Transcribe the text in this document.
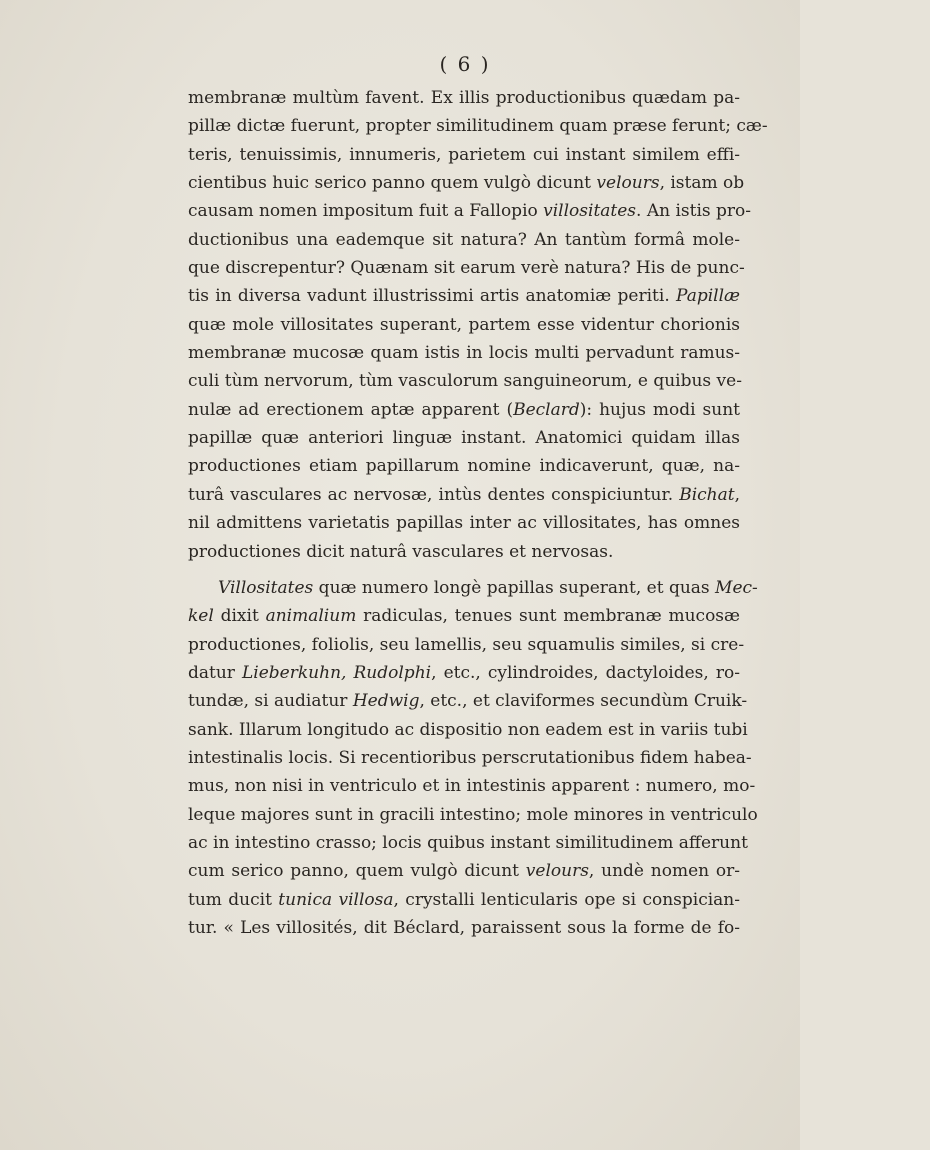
( 6 )
membranæ multùm favent. Ex illis productionibus quædam pa-
pillæ dictæ fuerunt, propter similitudinem quam præse ferunt; cæ-
teris, tenuissimis, innumeris, parietem cui instant similem effi-
cientibus huic serico panno quem vulgò dicunt velours, istam ob
causam nomen impositum fuit a Fallopio villositates. An istis pro-
ductionibus una eademque sit natura? An tantùm formâ mole-
que discrepentur? Quænam sit earum verè natura? His de punc-
tis in diversa vadunt illustrissimi artis anatomiæ periti. Papillæ
quæ mole villositates superant, partem esse videntur chorionis
membranæ mucosæ quam istis in locis multi pervadunt ramus-
culi tùm nervorum, tùm vasculorum sanguineorum, e quibus ve-
nulæ ad erectionem aptæ apparent (Beclard): hujus modi sunt
papillæ quæ anteriori linguæ instant. Anatomici quidam illas
productiones etiam papillarum nomine indicaverunt, quæ, na-
turâ vasculares ac nervosæ, intùs dentes conspiciuntur. Bichat,
nil admittens varietatis papillas inter ac villositates, has omnes
productiones dicit naturâ vasculares et nervosas.
Villositates quæ numero longè papillas superant, et quas Mec-
kel dixit animalium radiculas, tenues sunt membranæ mucosæ
productiones, foliolis, seu lamellis, seu squamulis similes, si cre-
datur Lieberkuhn, Rudolphi, etc., cylindroides, dactyloides, ro-
tundæ, si audiatur Hedwig, etc., et claviformes secundùm Cruik-
sank. Illarum longitudo ac dispositio non eadem est in variis tubi
intestinalis locis. Si recentioribus perscrutationibus fidem habea-
mus, non nisi in ventriculo et in intestinis apparent : numero, mo-
leque majores sunt in gracili intestino; mole minores in ventriculo
ac in intestino crasso; locis quibus instant similitudinem afferunt
cum serico panno, quem vulgò dicunt velours, undè nomen or-
tum ducit tunica villosa, crystalli lenticularis ope si conspician-
tur. « Les villosités, dit Béclard, paraissent sous la forme de fo-
